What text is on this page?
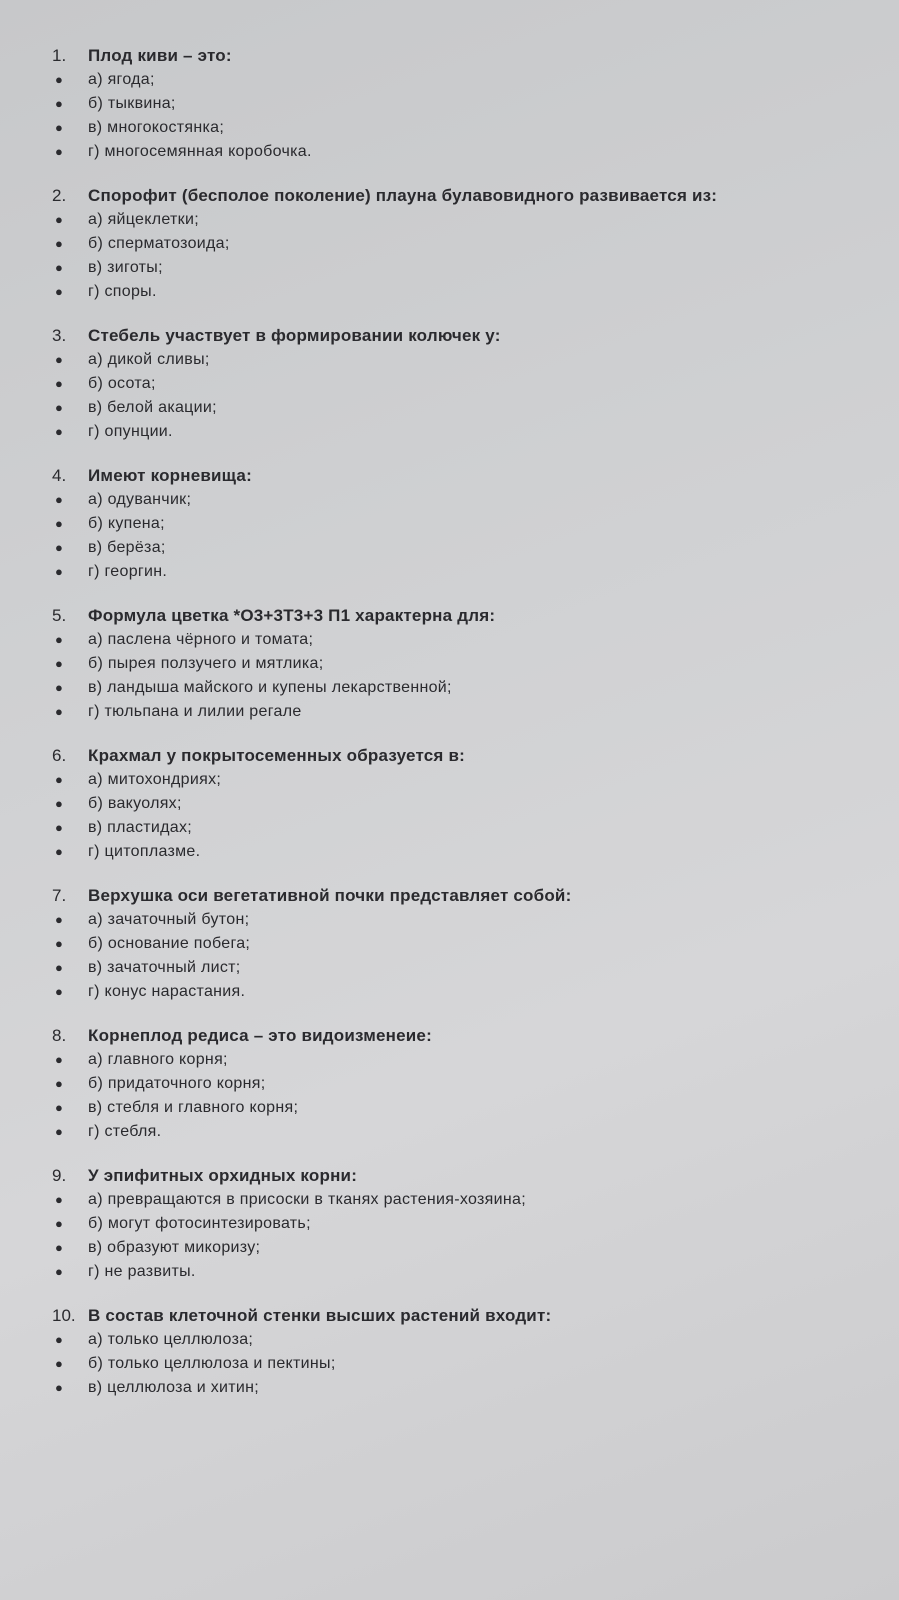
1.	Плод киви – это:
●	а) ягода;
●	б) тыквина;
●	в) многокостянка;
●	г) многосемянная коробочка.
2.	Спорофит (бесполое поколение) плауна булавовидного развивается из:
●	а) яйцеклетки;
●	б) сперматозоида;
●	в) зиготы;
●	г) споры.
3.	Стебель участвует в формировании колючек у:
●	а) дикой сливы;
●	б) осота;
●	в) белой акации;
●	г) опунции.
4.	Имеют корневища:
●	а) одуванчик;
●	б) купена;
●	в) берёза;
●	г) георгин.
5.	Формула цветка *О3+3Т3+3 П1 характерна для:
●	а) паслена чёрного и томата;
●	б) пырея ползучего и мятлика;
●	в) ландыша майского и купены лекарственной;
●	г) тюльпана и лилии регале
6.	Крахмал у покрытосеменных образуется в:
●	а) митохондриях;
●	б) вакуолях;
●	в) пластидах;
●	г) цитоплазме.
7.	Верхушка оси вегетативной почки представляет собой:
●	а) зачаточный бутон;
●	б) основание побега;
●	в) зачаточный лист;
●	г) конус нарастания.
8.	Корнеплод редиса – это видоизменеие:
●	а) главного корня;
●	б) придаточного корня;
●	в) стебля и главного корня;
●	г) стебля.
9.	У эпифитных орхидных корни:
●	а) превращаются в присоски в тканях растения-хозяина;
●	б) могут фотосинтезировать;
●	в) образуют микоризу;
●	г) не развиты.
10. В состав клеточной стенки высших растений входит:
●	а) только целлюлоза;
●	б) только целлюлоза и пектины;
●	в) целлюлоза и хитин;
